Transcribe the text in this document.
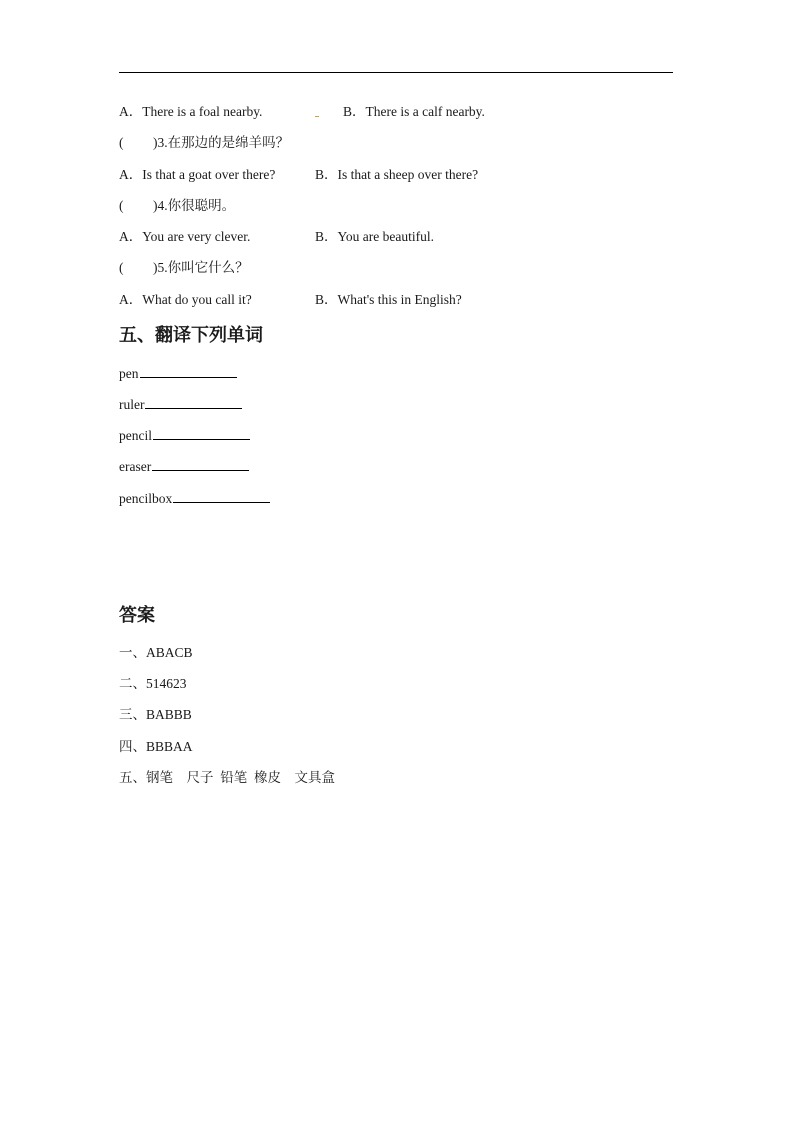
A．There is a foal nearby.	B．There is a calf nearby.
( )3.在那边的是绵羊吗？
A．Is that a goat over there?	B．Is that a sheep over there?
( )4.你很聪明。
A．You are very clever.	B．You are beautiful.
( )5.你叫它什么？
A．What do you call it?	B．What's this in English?
五、翻译下列单词
pen
ruler
pencil
eraser
pencilbox
答案
一、ABACB
二、514623
三、BABBB
四、BBBAA
五、钢笔　尺子  铅笔  橡皮　文具盒
